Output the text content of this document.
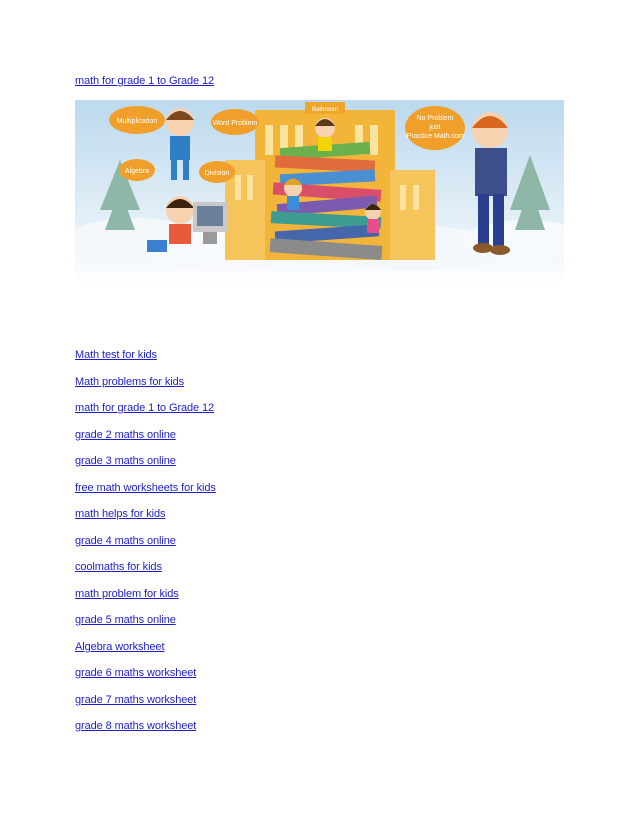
math for grade 1 to Grade 12
Bathroom
Multiplication	Word Problem
Algebra	Division
No Problem
just
iPractice Math.com
Math test for kids
Math problems for kids
math for grade 1 to Grade 12
grade 2 maths online
grade 3 maths online
free math worksheets for kids
math helps for kids
grade 4 maths online
coolmaths for kids
math problem for kids
grade 5 maths online
Algebra worksheet
grade 6 maths worksheet
grade 7 maths worksheet
grade 8 maths worksheet
